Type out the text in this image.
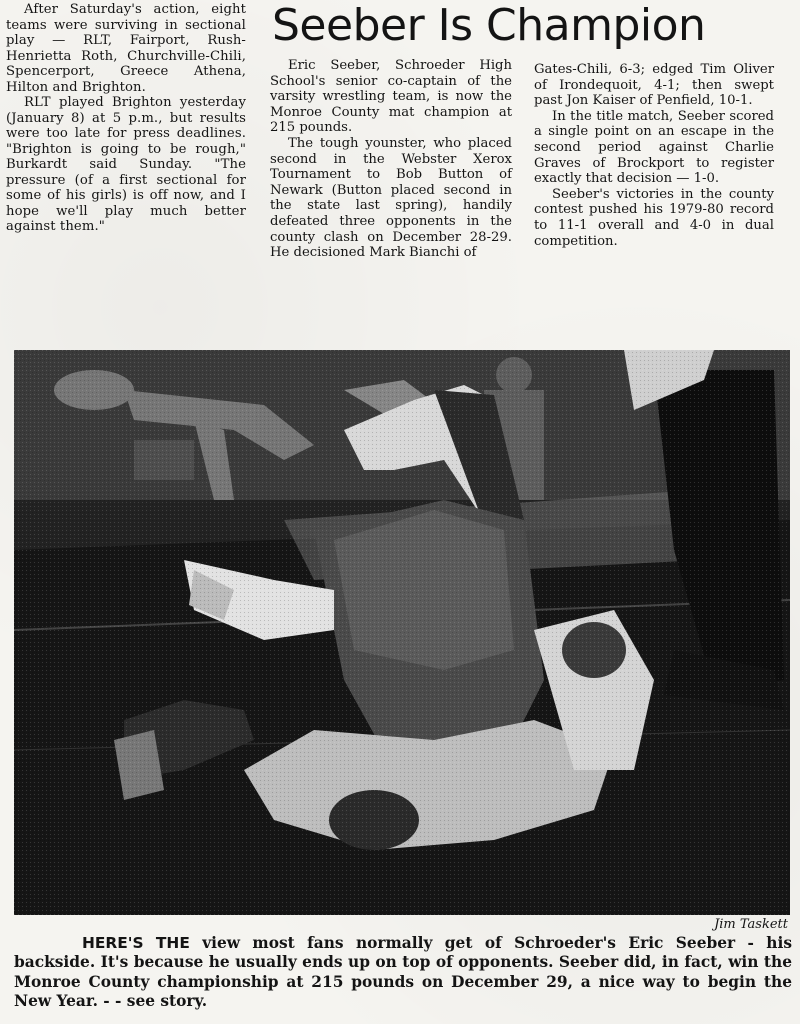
After Saturday's action, eight teams were surviving in sectional play — RLT, Fairport, Rush-Henrietta Roth, Churchville-Chili, Spencerport, Greece Athena, Hilton and Brighton.

RLT played Brighton yesterday (January 8) at 5 p.m., but results were too late for press deadlines. "Brighton is going to be rough," Burkardt said Sunday. "The pressure (of a first sectional for some of his girls) is off now, and I hope we'll play much better against them."

Seeber Is Champion

Eric Seeber, Schroeder High School's senior co-captain of the varsity wrestling team, is now the Monroe County mat champion at 215 pounds.

The tough younster, who placed second in the Webster Xerox Tournament to Bob Button of Newark (Button placed second in the state last spring), handily defeated three opponents in the county clash on December 28-29. He decisioned Mark Bianchi of

Gates-Chili, 6-3; edged Tim Oliver of Irondequoit, 4-1; then swept past Jon Kaiser of Penfield, 10-1.

In the title match, Seeber scored a single point on an escape in the second period against Charlie Graves of Brockport to register exactly that decision — 1-0.

Seeber's victories in the county contest pushed his 1979-80 record to 11-1 overall and 4-0 in dual competition.

Jim Taskett
HERE'S THE view most fans normally get of Schroeder's Eric Seeber - his backside. It's because he usually ends up on top of opponents. Seeber did, in fact, win the Monroe County championship at 215 pounds on December 29, a nice way to begin the New Year. - - see story.
